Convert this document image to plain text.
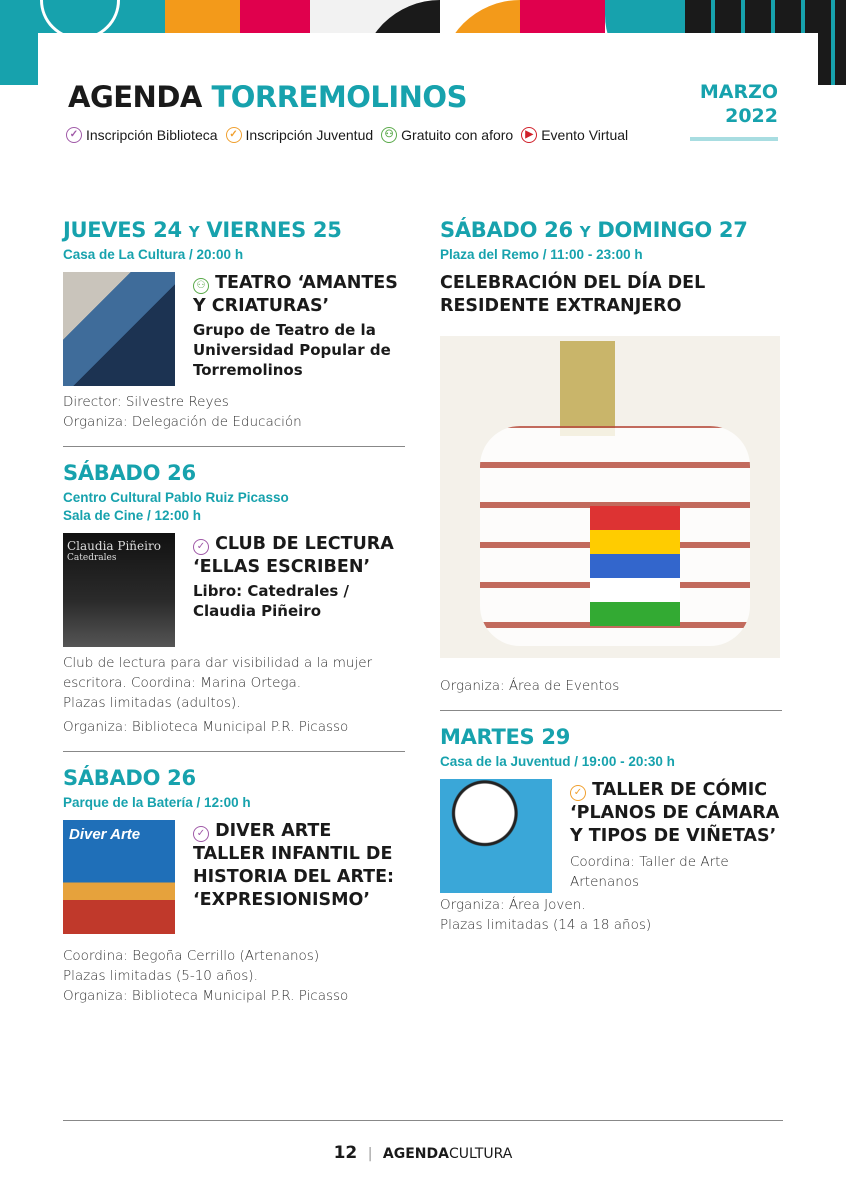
AGENDA TORREMOLINOS	MARZO
2022
✓ Inscripción Biblioteca	✓ Inscripción Juventud	⚇ Gratuito con aforo	▶ Evento Virtual
JUEVES 24 Y VIERNES 25
Casa de La Cultura / 20:00 h
⚇ TEATRO ‘AMANTES Y CRIATURAS’
Grupo de Teatro de la Universidad Popular de Torremolinos
Director: Silvestre Reyes
Organiza: Delegación de Educación
SÁBADO 26
Centro Cultural Pablo Ruiz Picasso
Sala de Cine / 12:00 h
Claudia Piñeiro
Catedrales
✓ CLUB DE LECTURA ‘ELLAS ESCRIBEN’
Libro: Catedrales / Claudia Piñeiro
Club de lectura para dar visibilidad a la mujer escritora. Coordina: Marina Ortega.
Plazas limitadas (adultos).
Organiza: Biblioteca Municipal P.R. Picasso
SÁBADO 26
Parque de la Batería / 12:00 h
Diver Arte	✓ DIVER ARTE TALLER INFANTIL DE HISTORIA DEL ARTE: ‘EXPRESIONISMO’
Coordina: Begoña Cerrillo (Artenanos)
Plazas limitadas (5-10 años).
Organiza: Biblioteca Municipal P.R. Picasso
SÁBADO 26 Y DOMINGO 27
Plaza del Remo / 11:00 - 23:00 h
CELEBRACIÓN DEL DÍA DEL RESIDENTE EXTRANJERO
Organiza: Área de Eventos
MARTES 29
Casa de la Juventud / 19:00 - 20:30 h
✓ TALLER DE CÓMIC ‘PLANOS DE CÁMARA Y TIPOS DE VIÑETAS’
Coordina: Taller de Arte Artenanos
Organiza: Área Joven.
Plazas limitadas (14 a 18 años)
12 | AGENDACULTURA
